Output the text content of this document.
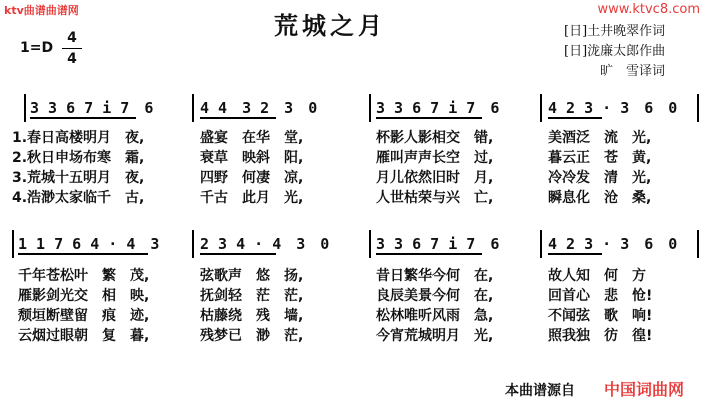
ktv曲谱曲谱网	www.ktvc8.com
荒城之月	[日]土井晚翠作词
[日]泷廉太郎作曲
旷　雪译词
1=D
4
4
3 3 6 7 i 7　6	4 4　3 2　3　0	3 3 6 7 i 7　6	4 2 3 · 3　6　0
1.春日高楼明月　夜,	盛宴　在华　堂,	杯影人影相交　错,	美酒泛　流　光,
2.秋日申场布寒　霜,	衰草　映斜　阳,	雁叫声声长空　过,	暮云正　苍　黄,
3.荒城十五明月　夜,	四野　何凄　凉,	月儿依然旧时　月,	冷冷发　清　光,
4.浩渺太家临千　古,	千古　此月　光,	人世枯荣与兴　亡,	瞬息化　沧　桑,
1 1 7 6 4 · 4　3	2 3 4 · 4　3　0	3 3 6 7 i 7　6	4 2 3 · 3　6　0
千年苍松叶　繁　茂,	弦歌声　悠　扬,	昔日繁华今何　在,	故人知　何　方
雁影剑光交　相　映,	抚剑轻　茫　茫,	良辰美景今何　在,	回首心　悲　怆!
颓垣断壁留　痕　迹,	枯藤绕　残　墙,	松林唯听风雨　急,	不闻弦　歌　响!
云烟过眼朝　复　暮,	残梦已　渺　茫,	今宵荒城明月　光,	照我独　彷　徨!
本曲谱源自 中国词曲网
